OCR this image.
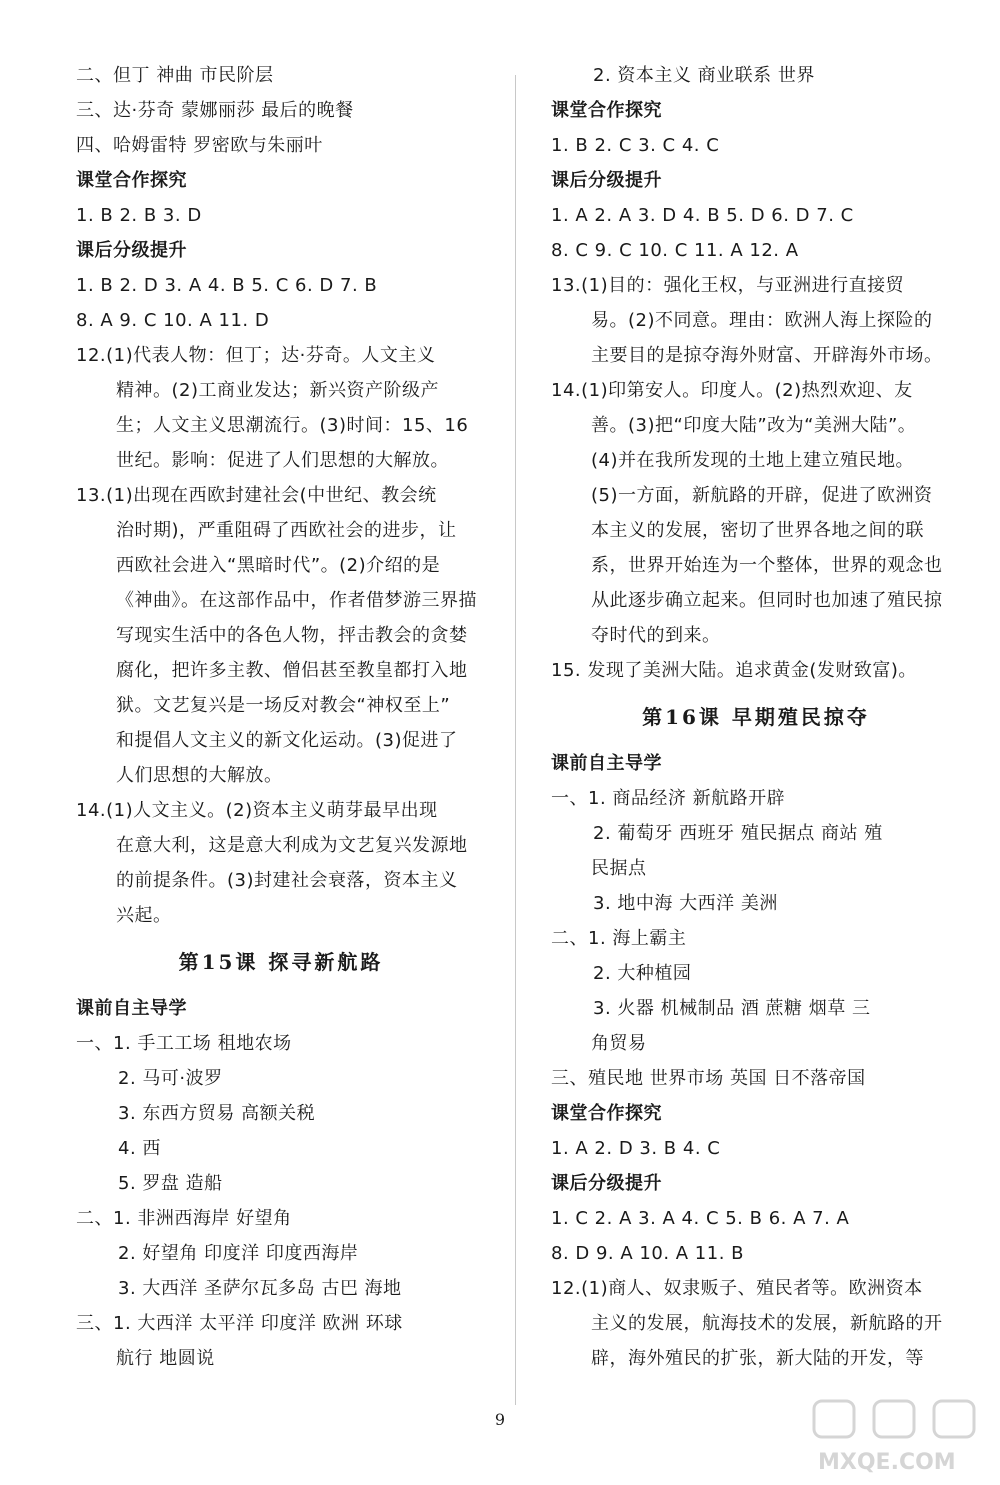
二、但丁 神曲 市民阶层
三、达·芬奇 蒙娜丽莎 最后的晚餐
四、哈姆雷特 罗密欧与朱丽叶
课堂合作探究
1. B 2. B 3. D
课后分级提升
1. B 2. D 3. A 4. B 5. C 6. D 7. B
8. A 9. C 10. A 11. D
12.(1)代表人物：但丁；达·芬奇。人文主义
精神。(2)工商业发达；新兴资产阶级产
生；人文主义思潮流行。(3)时间：15、16
世纪。影响：促进了人们思想的大解放。
13.(1)出现在西欧封建社会(中世纪、教会统
治时期)，严重阻碍了西欧社会的进步，让
西欧社会进入“黑暗时代”。(2)介绍的是
《神曲》。在这部作品中，作者借梦游三界描
写现实生活中的各色人物，抨击教会的贪婪
腐化，把许多主教、僧侣甚至教皇都打入地
狱。文艺复兴是一场反对教会“神权至上”
和提倡人文主义的新文化运动。(3)促进了
人们思想的大解放。
14.(1)人文主义。(2)资本主义萌芽最早出现
在意大利，这是意大利成为文艺复兴发源地
的前提条件。(3)封建社会衰落，资本主义
兴起。
第15课 探寻新航路
课前自主导学
一、1. 手工工场 租地农场
2. 马可·波罗
3. 东西方贸易 高额关税
4. 西
5. 罗盘 造船
二、1. 非洲西海岸 好望角
2. 好望角 印度洋 印度西海岸
3. 大西洋 圣萨尔瓦多岛 古巴 海地
三、1. 大西洋 太平洋 印度洋 欧洲 环球
航行 地圆说
2. 资本主义 商业联系 世界
课堂合作探究
1. B 2. C 3. C 4. C
课后分级提升
1. A 2. A 3. D 4. B 5. D 6. D 7. C
8. C 9. C 10. C 11. A 12. A
13.(1)目的：强化王权，与亚洲进行直接贸
易。(2)不同意。理由：欧洲人海上探险的
主要目的是掠夺海外财富、开辟海外市场。
14.(1)印第安人。印度人。(2)热烈欢迎、友
善。(3)把“印度大陆”改为“美洲大陆”。
(4)并在我所发现的土地上建立殖民地。
(5)一方面，新航路的开辟，促进了欧洲资
本主义的发展，密切了世界各地之间的联
系，世界开始连为一个整体，世界的观念也
从此逐步确立起来。但同时也加速了殖民掠
夺时代的到来。
15. 发现了美洲大陆。追求黄金(发财致富)。
第16课 早期殖民掠夺
课前自主导学
一、1. 商品经济 新航路开辟
2. 葡萄牙 西班牙 殖民据点 商站 殖
民据点
3. 地中海 大西洋 美洲
二、1. 海上霸主
2. 大种植园
3. 火器 机械制品 酒 蔗糖 烟草 三
角贸易
三、殖民地 世界市场 英国 日不落帝国
课堂合作探究
1. A 2. D 3. B 4. C
课后分级提升
1. C 2. A 3. A 4. C 5. B 6. A 7. A
8. D 9. A 10. A 11. B
12.(1)商人、奴隶贩子、殖民者等。欧洲资本
主义的发展，航海技术的发展，新航路的开
辟，海外殖民的扩张，新大陆的开发，等
9
MXQE.COM
